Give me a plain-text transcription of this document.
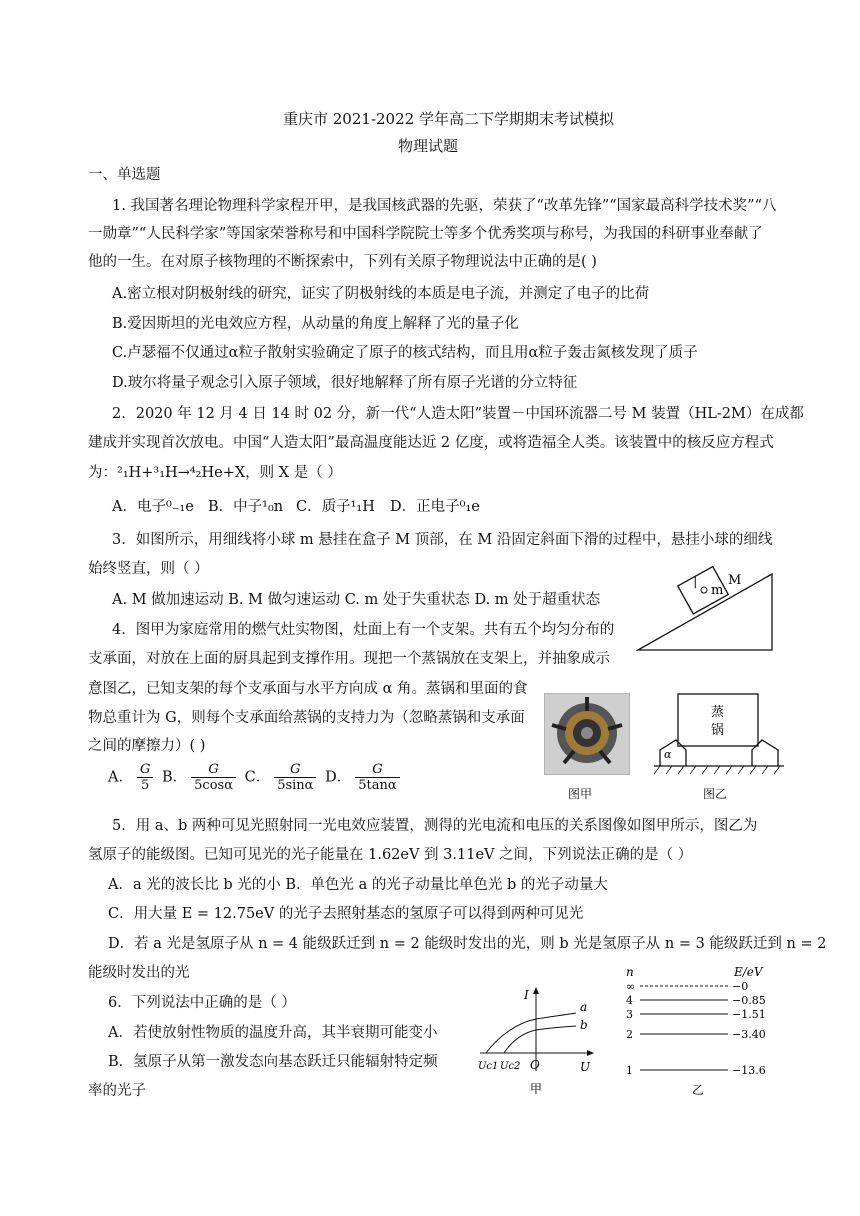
重庆市 2021-2022 学年高二下学期期末考试模拟
物理试题
一、单选题
1. 我国著名理论物理科学家程开甲，是我国核武器的先驱，荣获了“改革先锋”“国家最高科学技术奖”“八
一勋章”“人民科学家”等国家荣誉称号和中国科学院院士等多个优秀奖项与称号，为我国的科研事业奉献了
他的一生。在对原子核物理的不断探索中，下列有关原子物理说法中正确的是( )
A.密立根对阴极射线的研究，证实了阴极射线的本质是电子流，并测定了电子的比荷
B.爱因斯坦的光电效应方程，从动量的角度上解释了光的量子化
C.卢瑟福不仅通过α粒子散射实验确定了原子的核式结构，而且用α粒子轰击氮核发现了质子
D.玻尔将量子观念引入原子领域，很好地解释了所有原子光谱的分立特征
2．2020 年 12 月 4 日 14 时 02 分，新一代“人造太阳”装置－中国环流器二号 M 装置（HL-2M）在成都
建成并实现首次放电。中国“人造太阳”最高温度能达近 2 亿度，或将造福全人类。该装置中的核反应方程式
为：²₁H+³₁H→⁴₂He+X，则 X 是（ ）
A．电子⁰₋₁e B．中子¹₀n C．质子¹₁H D．正电子⁰₁e
3．如图所示，用细线将小球 m 悬挂在盒子 M 顶部，在 M 沿固定斜面下滑的过程中，悬挂小球的细线
始终竖直，则（ ）
A. M 做加速运动 B. M 做匀速运动 C. m 处于失重状态 D. m 处于超重状态
m
M
4．图甲为家庭常用的燃气灶实物图，灶面上有一个支架。共有五个均匀分布的
支承面，对放在上面的厨具起到支撑作用。现把一个蒸锅放在支架上，并抽象成示
意图乙，已知支架的每个支承面与水平方向成 α 角。蒸锅和里面的食
物总重计为 G，则每个支承面给蒸锅的支持力为（忽略蒸锅和支承面
之间的摩擦力）( )
A． $\frac{G}{5}$ B． $\frac{G}{5\cos\alpha}$ C． $\frac{G}{5\sin\alpha}$ D． $\frac{G}{5\tan\alpha}$
图甲
蒸
锅
α
图乙
5．用 a、b 两种可见光照射同一光电效应装置，测得的光电流和电压的关系图像如图甲所示，图乙为
氢原子的能级图。已知可见光的光子能量在 1.62eV 到 3.11eV 之间，下列说法正确的是（ ）
A．a 光的波长比 b 光的小 B．单色光 a 的光子动量比单色光 b 的光子动量大
C．用大量 E = 12.75eV 的光子去照射基态的氢原子可以得到两种可见光
D．若 a 光是氢原子从 n = 4 能级跃迁到 n = 2 能级时发出的光，则 b 光是氢原子从 n = 3 能级跃迁到 n = 2
能级时发出的光
6．下列说法中正确的是（ ）
A．若使放射性物质的温度升高，其半衰期可能变小
B．氢原子从第一激发态向基态跃迁只能辐射特定频
率的光子
I
U
O
a
b
Uc1 Uc2
甲
n	E/eV
∞	−0
4	−0.85
3	−1.51
2	−3.40
1	−13.6
乙
